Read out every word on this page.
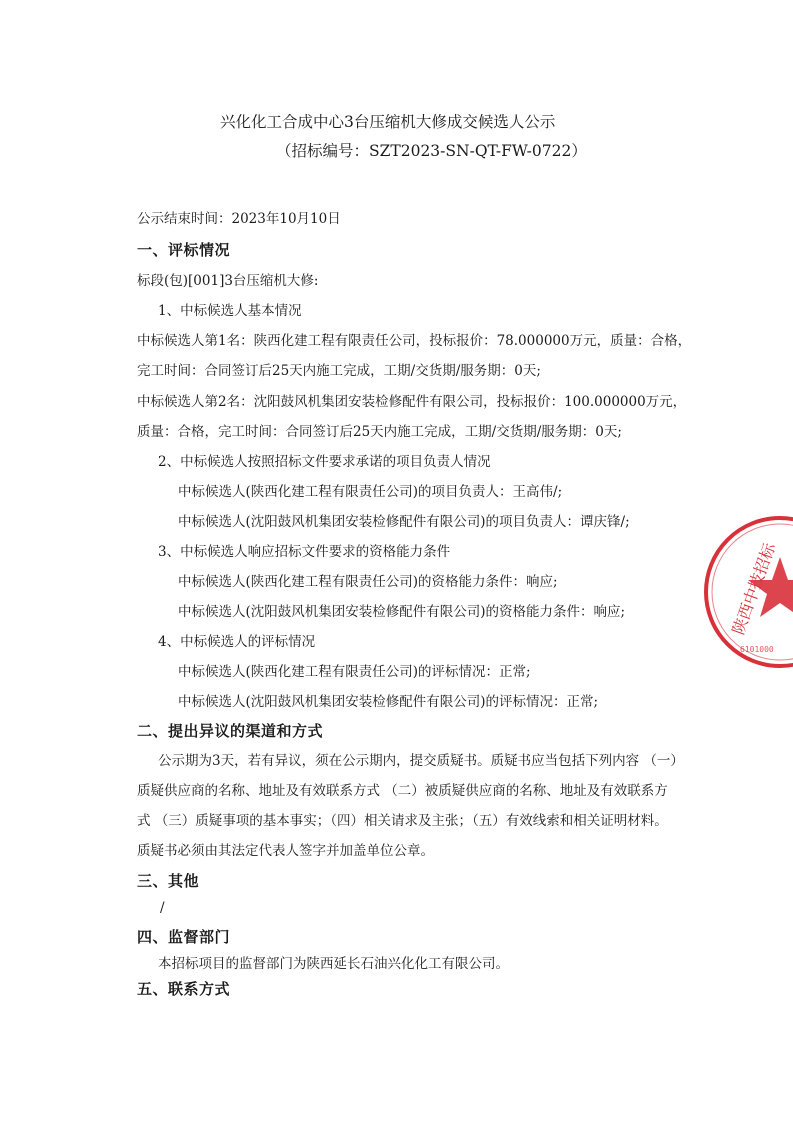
兴化化工合成中心3台压缩机大修成交候选人公示
（招标编号：SZT2023-SN-QT-FW-0722）
公示结束时间：2023年10月10日
一、评标情况
标段(包)[001]3台压缩机大修:
1、中标候选人基本情况
中标候选人第1名：陕西化建工程有限责任公司，投标报价：78.000000万元，质量：合格，
完工时间：合同签订后25天内施工完成，工期/交货期/服务期：0天;
中标候选人第2名：沈阳鼓风机集团安装检修配件有限公司，投标报价：100.000000万元，
质量：合格，完工时间：合同签订后25天内施工完成，工期/交货期/服务期：0天;
2、中标候选人按照招标文件要求承诺的项目负责人情况
中标候选人(陕西化建工程有限责任公司)的项目负责人：王高伟/;
中标候选人(沈阳鼓风机集团安装检修配件有限公司)的项目负责人：谭庆锋/;
3、中标候选人响应招标文件要求的资格能力条件
中标候选人(陕西化建工程有限责任公司)的资格能力条件：响应;
中标候选人(沈阳鼓风机集团安装检修配件有限公司)的资格能力条件：响应;
4、中标候选人的评标情况
中标候选人(陕西化建工程有限责任公司)的评标情况：正常;
中标候选人(沈阳鼓风机集团安装检修配件有限公司)的评标情况：正常;
二、提出异议的渠道和方式
公示期为3天，若有异议，须在公示期内，提交质疑书。质疑书应当包括下列内容 （一）
质疑供应商的名称、地址及有效联系方式 （二）被质疑供应商的名称、地址及有效联系方
式 （三）质疑事项的基本事实；（四）相关请求及主张；（五）有效线索和相关证明材料。
质疑书必须由其法定代表人签字并加盖单位公章。
三、其他
/
四、监督部门
本招标项目的监督部门为陕西延长石油兴化化工有限公司。
五、联系方式
陕西中技招标
6101000
